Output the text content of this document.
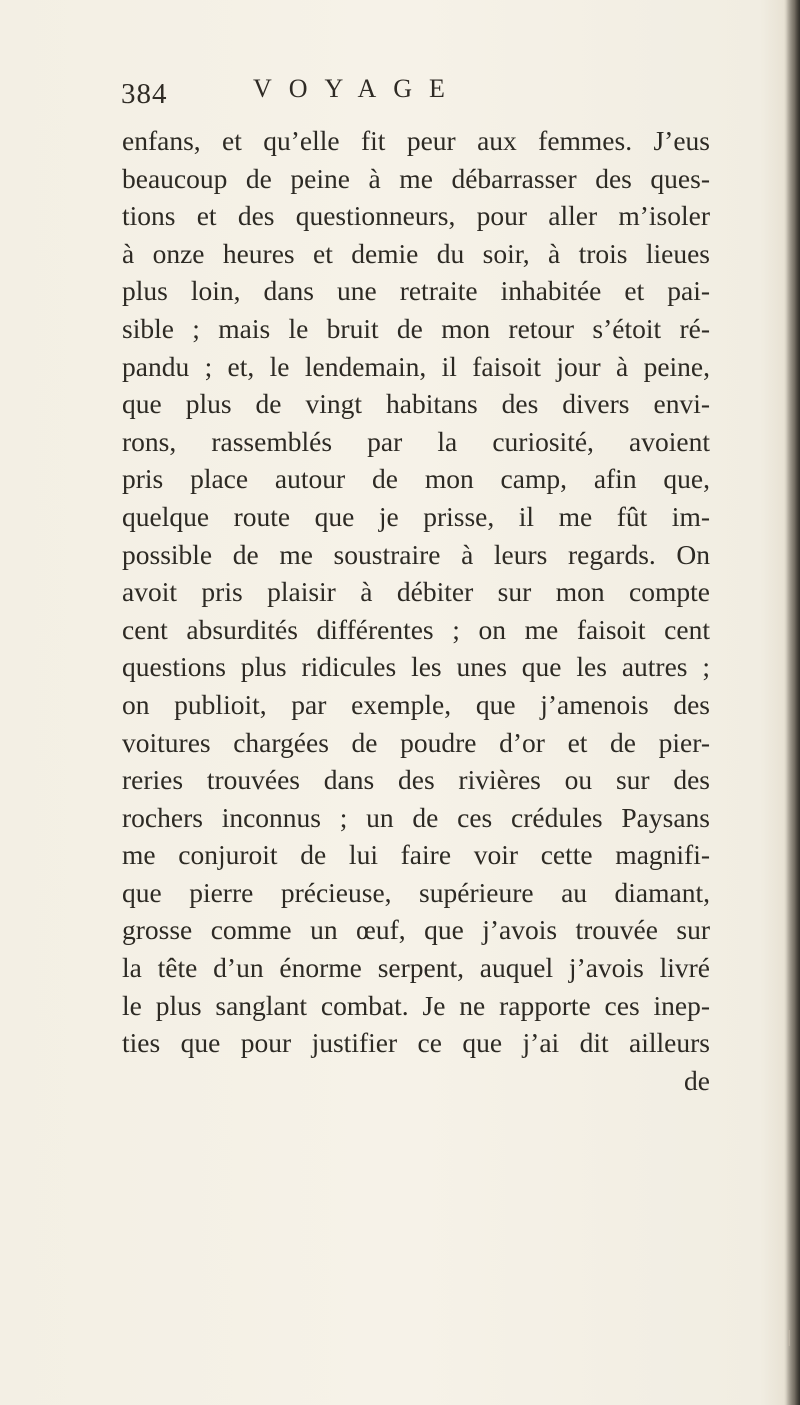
384	VOYAGE
enfans, et qu’elle fit peur aux femmes. J’eus
beaucoup de peine à me débarrasser des ques-
tions et des questionneurs, pour aller m’isoler
à onze heures et demie du soir, à trois lieues
plus loin, dans une retraite inhabitée et pai-
sible ; mais le bruit de mon retour s’étoit ré-
pandu ; et, le lendemain, il faisoit jour à peine,
que plus de vingt habitans des divers envi-
rons, rassemblés par la curiosité, avoient
pris place autour de mon camp, afin que,
quelque route que je prisse, il me fût im-
possible de me soustraire à leurs regards. On
avoit pris plaisir à débiter sur mon compte
cent absurdités différentes ; on me faisoit cent
questions plus ridicules les unes que les autres ;
on publioit, par exemple, que j’amenois des
voitures chargées de poudre d’or et de pier-
reries trouvées dans des rivières ou sur des
rochers inconnus ; un de ces crédules Paysans
me conjuroit de lui faire voir cette magnifi-
que pierre précieuse, supérieure au diamant,
grosse comme un œuf, que j’avois trouvée sur
la tête d’un énorme serpent, auquel j’avois livré
le plus sanglant combat. Je ne rapporte ces inep-
ties que pour justifier ce que j’ai dit ailleurs
de
